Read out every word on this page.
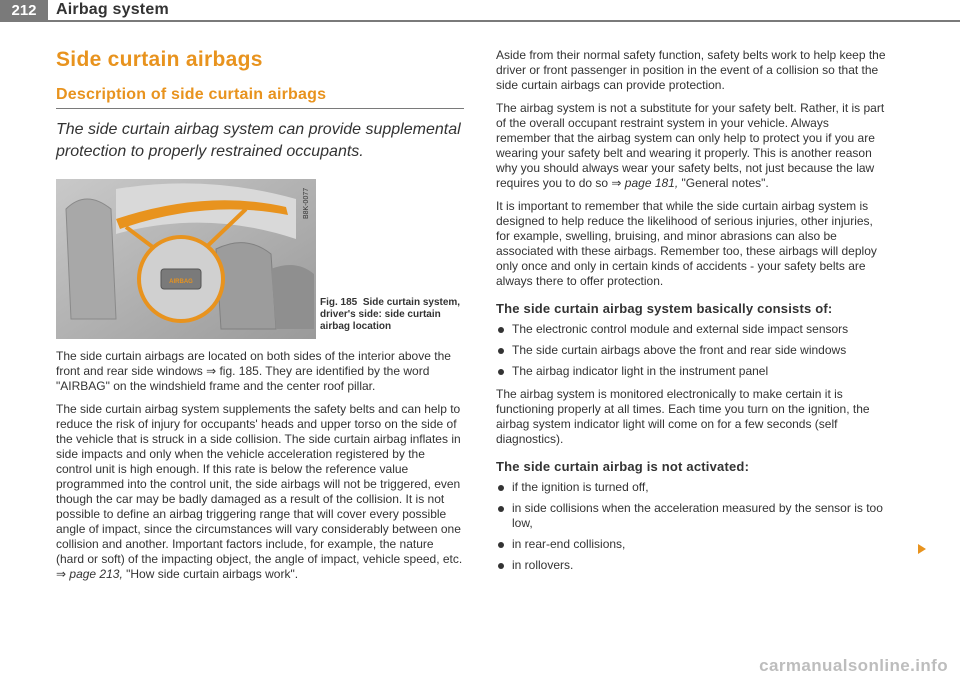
212	Airbag system
Side curtain airbags
Description of side curtain airbags
The side curtain airbag system can provide supplemental protection to properly restrained occupants.
AIRBAG
B8K-0077
Fig. 185 Side curtain system, driver's side: side curtain airbag location

The side curtain airbags are located on both sides of the interior above the front and rear side windows ⇒ fig. 185. They are identified by the word "AIRBAG" on the windshield frame and the center roof pillar.

The side curtain airbag system supplements the safety belts and can help to reduce the risk of injury for occupants' heads and upper torso on the side of the vehicle that is struck in a side collision. The side curtain airbag inflates in side impacts and only when the vehicle acceleration registered by the control unit is high enough. If this rate is below the reference value programmed into the control unit, the side airbags will not be triggered, even though the car may be badly damaged as a result of the collision. It is not possible to define an airbag triggering range that will cover every possible angle of impact, since the circumstances will vary considerably between one collision and another. Important factors include, for example, the nature (hard or soft) of the impacting object, the angle of impact, vehicle speed, etc. ⇒ page 213, "How side curtain airbags work".

Aside from their normal safety function, safety belts work to help keep the driver or front passenger in position in the event of a collision so that the side curtain airbags can provide protection.

The airbag system is not a substitute for your safety belt. Rather, it is part of the overall occupant restraint system in your vehicle. Always remember that the airbag system can only help to protect you if you are wearing your safety belt and wearing it properly. This is another reason why you should always wear your safety belts, not just because the law requires you to do so ⇒ page 181, "General notes".

It is important to remember that while the side curtain airbag system is designed to help reduce the likelihood of serious injuries, other injuries, for example, swelling, bruising, and minor abrasions can also be associated with these airbags. Remember too, these airbags will deploy only once and only in certain kinds of accidents - your safety belts are always there to offer protection.

The side curtain airbag system basically consists of:
The electronic control module and external side impact sensors
The side curtain airbags above the front and rear side windows
The airbag indicator light in the instrument panel

The airbag system is monitored electronically to make certain it is functioning properly at all times. Each time you turn on the ignition, the airbag system indicator light will come on for a few seconds (self diagnostics).

The side curtain airbag is not activated:
if the ignition is turned off,
in side collisions when the acceleration measured by the sensor is too low,
in rear-end collisions,
in rollovers.
carmanualsonline.info
